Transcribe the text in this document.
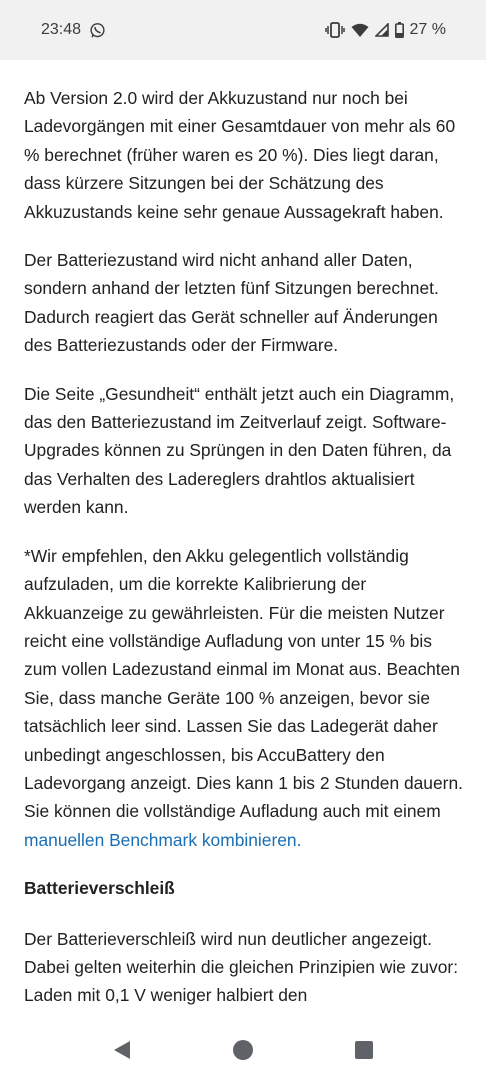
23:48	27 %

Ab Version 2.0 wird der Akkuzustand nur noch bei Ladevorgängen mit einer Gesamtdauer von mehr als 60 % berechnet (früher waren es 20 %). Dies liegt daran, dass kürzere Sitzungen bei der Schätzung des Akkuzustands keine sehr genaue Aussagekraft haben.

Der Batteriezustand wird nicht anhand aller Daten, sondern anhand der letzten fünf Sitzungen berechnet. Dadurch reagiert das Gerät schneller auf Änderungen des Batteriezustands oder der Firmware.

Die Seite „Gesundheit“ enthält jetzt auch ein Diagramm, das den Batteriezustand im Zeitverlauf zeigt. Software-Upgrades können zu Sprüngen in den Daten führen, da das Verhalten des Ladereglers drahtlos aktualisiert werden kann.

*Wir empfehlen, den Akku gelegentlich vollständig aufzuladen, um die korrekte Kalibrierung der Akkuanzeige zu gewährleisten. Für die meisten Nutzer reicht eine vollständige Aufladung von unter 15 % bis zum vollen Ladezustand einmal im Monat aus. Beachten Sie, dass manche Geräte 100 % anzeigen, bevor sie tatsächlich leer sind. Lassen Sie das Ladegerät daher unbedingt angeschlossen, bis AccuBattery den Ladevorgang anzeigt. Dies kann 1 bis 2 Stunden dauern. Sie können die vollständige Aufladung auch mit einem manuellen Benchmark kombinieren.

Batterieverschleiß

Der Batterieverschleiß wird nun deutlicher angezeigt. Dabei gelten weiterhin die gleichen Prinzipien wie zuvor: Laden mit 0,1 V weniger halbiert den
